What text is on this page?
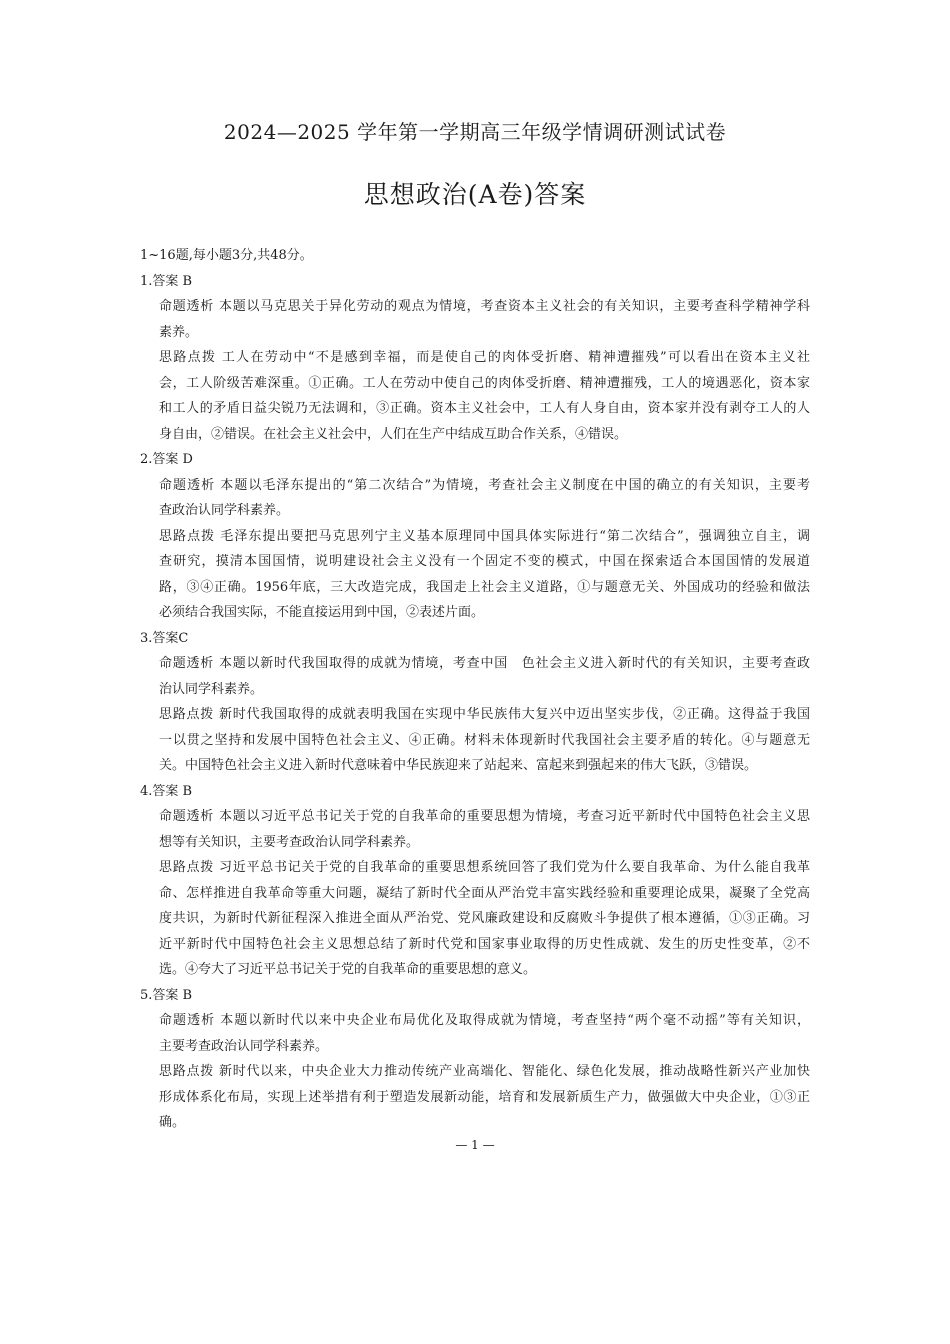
2024—2025 学年第一学期高三年级学情调研测试试卷
思想政治(A卷)答案
1~16题,每小题3分,共48分。
1.答案 B
命题透析 本题以马克思关于异化劳动的观点为情境，考查资本主义社会的有关知识，主要考查科学精神学科
素养。
思路点拨 工人在劳动中“不是感到幸福，而是使自己的肉体受折磨、精神遭摧残”可以看出在资本主义社
会，工人阶级苦难深重。①正确。工人在劳动中使自己的肉体受折磨、精神遭摧残，工人的境遇恶化，资本家
和工人的矛盾日益尖锐乃无法调和，③正确。资本主义社会中，工人有人身自由，资本家并没有剥夺工人的人
身自由，②错误。在社会主义社会中，人们在生产中结成互助合作关系，④错误。
2.答案 D
命题透析 本题以毛泽东提出的“第二次结合”为情境，考查社会主义制度在中国的确立的有关知识，主要考
查政治认同学科素养。
思路点拨 毛泽东提出要把马克思列宁主义基本原理同中国具体实际进行“第二次结合”，强调独立自主，调
查研究，摸清本国国情，说明建设社会主义没有一个固定不变的模式，中国在探索适合本国国情的发展道
路，③④正确。1956年底，三大改造完成，我国走上社会主义道路，①与题意无关、外国成功的经验和做法
必须结合我国实际，不能直接运用到中国，②表述片面。
3.答案C
命题透析 本题以新时代我国取得的成就为情境，考查中国　色社会主义进入新时代的有关知识，主要考查政
治认同学科素养。
思路点拨 新时代我国取得的成就表明我国在实现中华民族伟大复兴中迈出坚实步伐，②正确。这得益于我国
一以贯之坚持和发展中国特色社会主义、④正确。材料未体现新时代我国社会主要矛盾的转化。④与题意无
关。中国特色社会主义进入新时代意味着中华民族迎来了站起来、富起来到强起来的伟大飞跃，③错误。
4.答案 B
命题透析 本题以习近平总书记关于党的自我革命的重要思想为情境，考查习近平新时代中国特色社会主义思
想等有关知识，主要考查政治认同学科素养。
思路点拨 习近平总书记关于党的自我革命的重要思想系统回答了我们党为什么要自我革命、为什么能自我革
命、怎样推进自我革命等重大问题，凝结了新时代全面从严治党丰富实践经验和重要理论成果，凝聚了全党高
度共识，为新时代新征程深入推进全面从严治党、党风廉政建设和反腐败斗争提供了根本遵循，①③正确。习
近平新时代中国特色社会主义思想总结了新时代党和国家事业取得的历史性成就、发生的历史性变革，②不
选。④夸大了习近平总书记关于党的自我革命的重要思想的意义。
5.答案 B
命题透析 本题以新时代以来中央企业布局优化及取得成就为情境，考查坚持“两个毫不动摇”等有关知识，
主要考查政治认同学科素养。
思路点拨 新时代以来，中央企业大力推动传统产业高端化、智能化、绿色化发展，推动战略性新兴产业加快
形成体系化布局，实现上述举措有利于塑造发展新动能，培育和发展新质生产力，做强做大中央企业，①③正
确。
— 1 —
